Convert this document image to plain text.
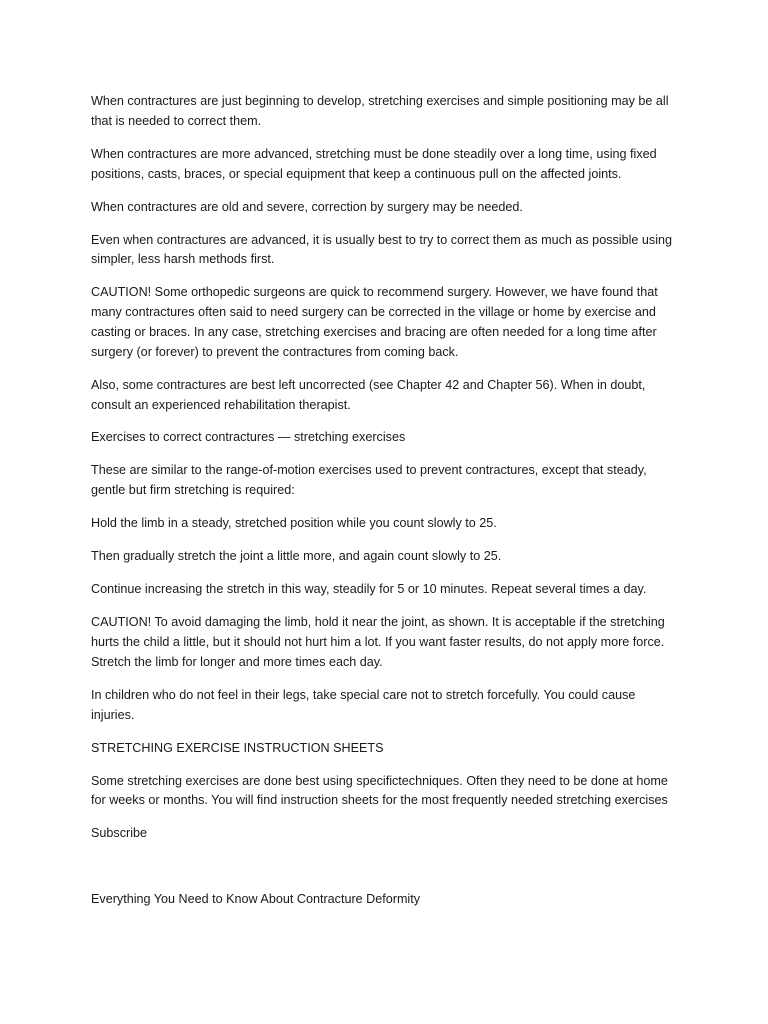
When contractures are just beginning to develop, stretching exercises and simple positioning may be all that is needed to correct them.

When contractures are more advanced, stretching must be done steadily over a long time, using fixed positions, casts, braces, or special equipment that keep a continuous pull on the affected joints.

When contractures are old and severe, correction by surgery may be needed.

Even when contractures are advanced, it is usually best to try to correct them as much as possible using simpler, less harsh methods first.

CAUTION! Some orthopedic surgeons are quick to recommend surgery. However, we have found that many contractures often said to need surgery can be corrected in the village or home by exercise and casting or braces. In any case, stretching exercises and bracing are often needed for a long time after surgery (or forever) to prevent the contractures from coming back.

Also, some contractures are best left uncorrected (see Chapter 42 and Chapter 56). When in doubt, consult an experienced rehabilitation therapist.

Exercises to correct contractures — stretching exercises

These are similar to the range-of-motion exercises used to prevent contractures, except that steady, gentle but firm stretching is required:

Hold the limb in a steady, stretched position while you count slowly to 25.

Then gradually stretch the joint a little more, and again count slowly to 25.

Continue increasing the stretch in this way, steadily for 5 or 10 minutes. Repeat several times a day.

CAUTION! To avoid damaging the limb, hold it near the joint, as shown. It is acceptable if the stretching hurts the child a little, but it should not hurt him a lot. If you want faster results, do not apply more force. Stretch the limb for longer and more times each day.

In children who do not feel in their legs, take special care not to stretch forcefully. You could cause injuries.

STRETCHING EXERCISE INSTRUCTION SHEETS

Some stretching exercises are done best using specifictechniques. Often they need to be done at home for weeks or months. You will find instruction sheets for the most frequently needed stretching exercises

Subscribe

Everything You Need to Know About Contracture Deformity
